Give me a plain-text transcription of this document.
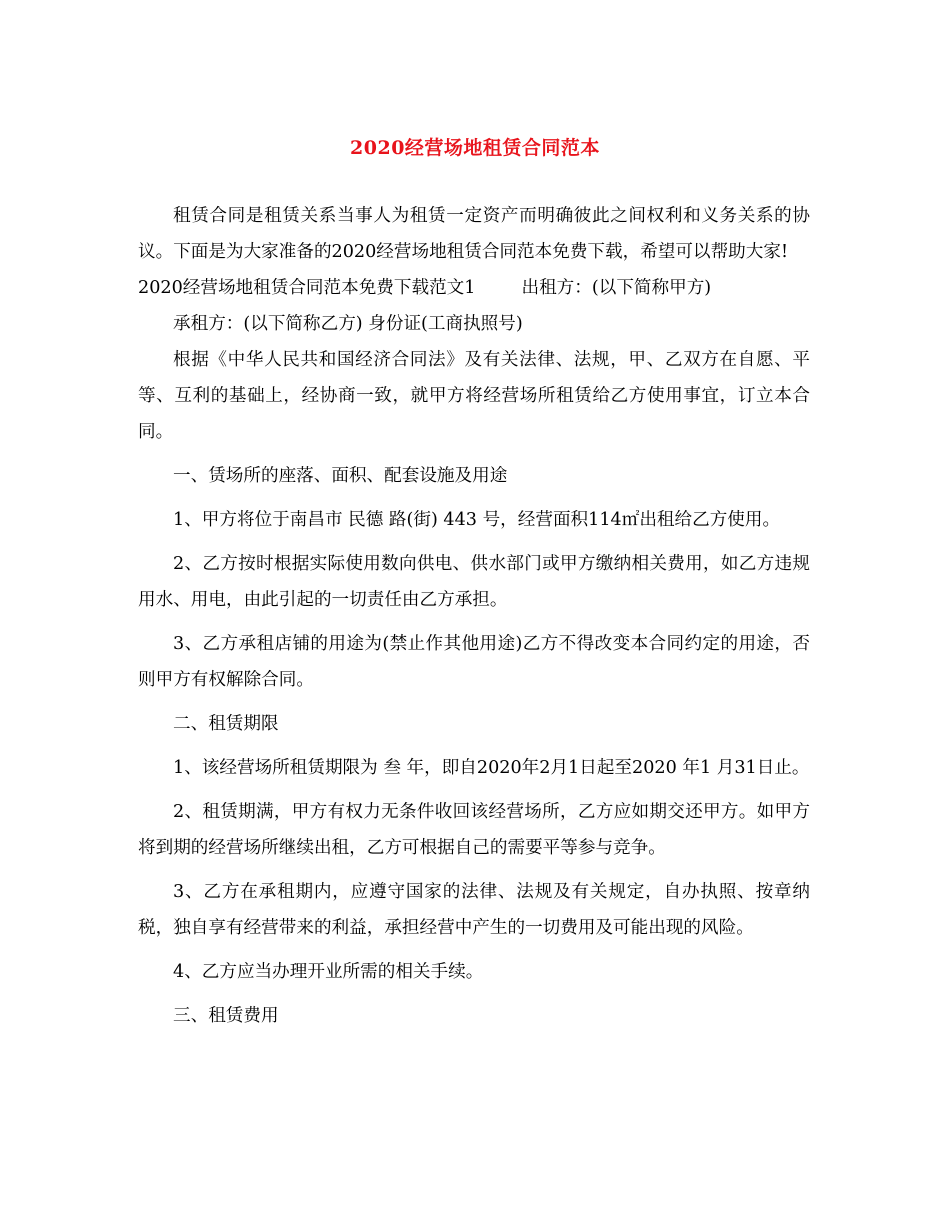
2020经营场地租赁合同范本

租赁合同是租赁关系当事人为租赁一定资产而明确彼此之间权利和义务关系的协议。下面是为大家准备的2020经营场地租赁合同范本免费下载，希望可以帮助大家!

2020经营场地租赁合同范本免费下载范文1	出租方：(以下简称甲方)

承租方：(以下简称乙方) 身份证(工商执照号)

根据《中华人民共和国经济合同法》及有关法律、法规，甲、乙双方在自愿、平等、互利的基础上，经协商一致，就甲方将经营场所租赁给乙方使用事宜，订立本合同。

一、赁场所的座落、面积、配套设施及用途

1、甲方将位于南昌市 民德 路(街) 443 号，经营面积114㎡出租给乙方使用。

2、乙方按时根据实际使用数向供电、供水部门或甲方缴纳相关费用，如乙方违规用水、用电，由此引起的一切责任由乙方承担。

3、乙方承租店铺的用途为(禁止作其他用途)乙方不得改变本合同约定的用途，否则甲方有权解除合同。

二、租赁期限

1、该经营场所租赁期限为 叁 年，即自2020年2月1日起至2020 年1 月31日止。

2、租赁期满，甲方有权力无条件收回该经营场所，乙方应如期交还甲方。如甲方将到期的经营场所继续出租，乙方可根据自己的需要平等参与竞争。

3、乙方在承租期内，应遵守国家的法律、法规及有关规定，自办执照、按章纳税，独自享有经营带来的利益，承担经营中产生的一切费用及可能出现的风险。

4、乙方应当办理开业所需的相关手续。

三、租赁费用
